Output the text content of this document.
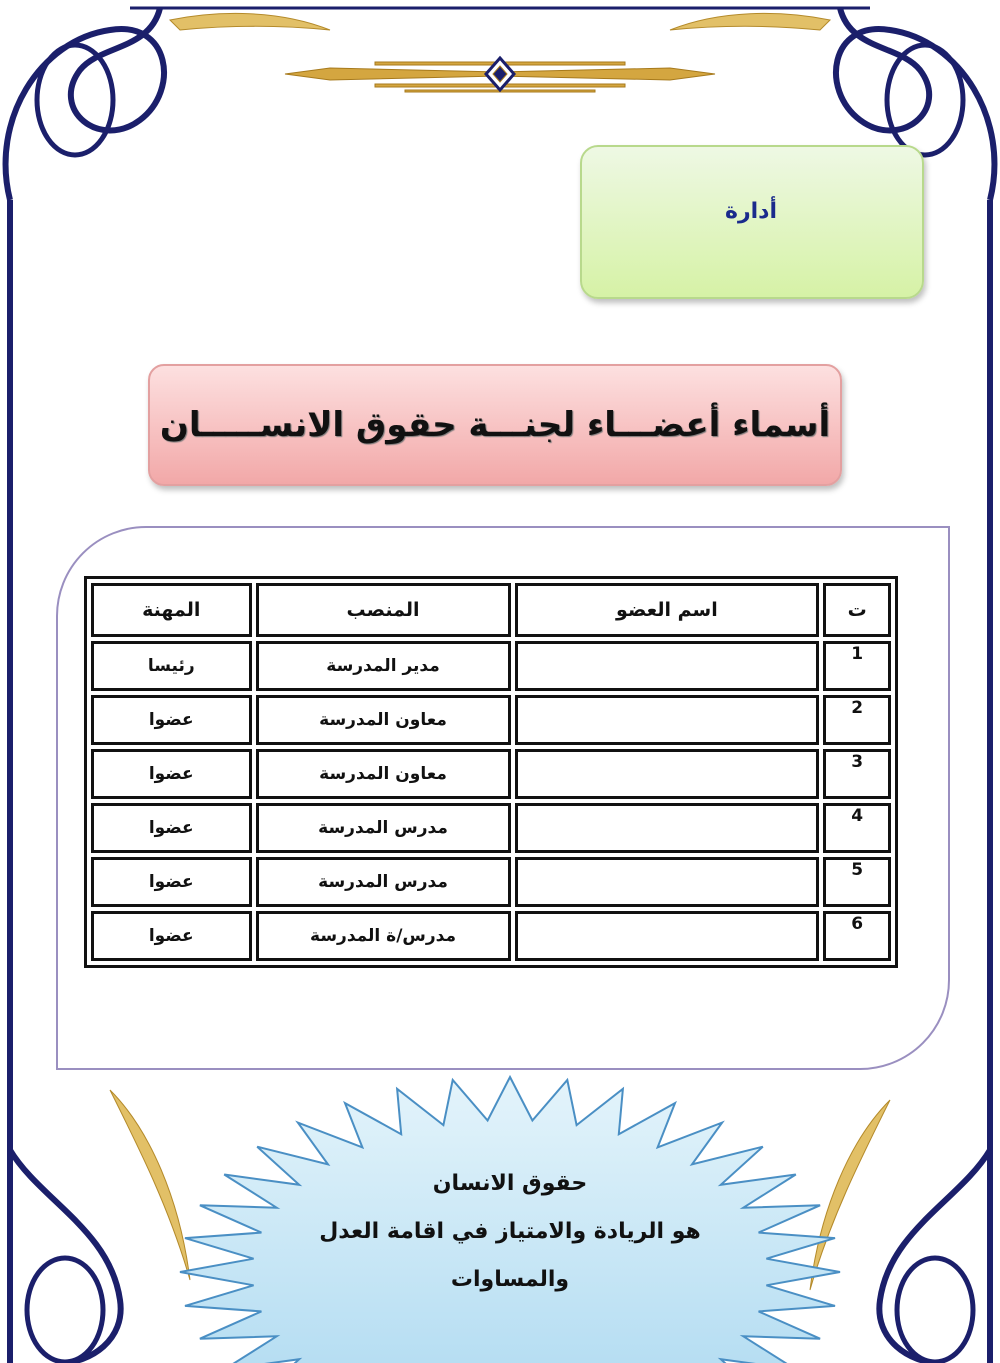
أدارة
أسماء أعضـــاء لجنـــة حقوق الانســـــان
ت	اسم العضو	المنصب	المهنة
1		مدير المدرسة	رئيسا
2		معاون المدرسة	عضوا
3		معاون المدرسة	عضوا
4		مدرس المدرسة	عضوا
5		مدرس المدرسة	عضوا
6		مدرس/ة المدرسة	عضوا
حقوق الانسان
هو الريادة والامتياز في اقامة العدل
والمساوات
